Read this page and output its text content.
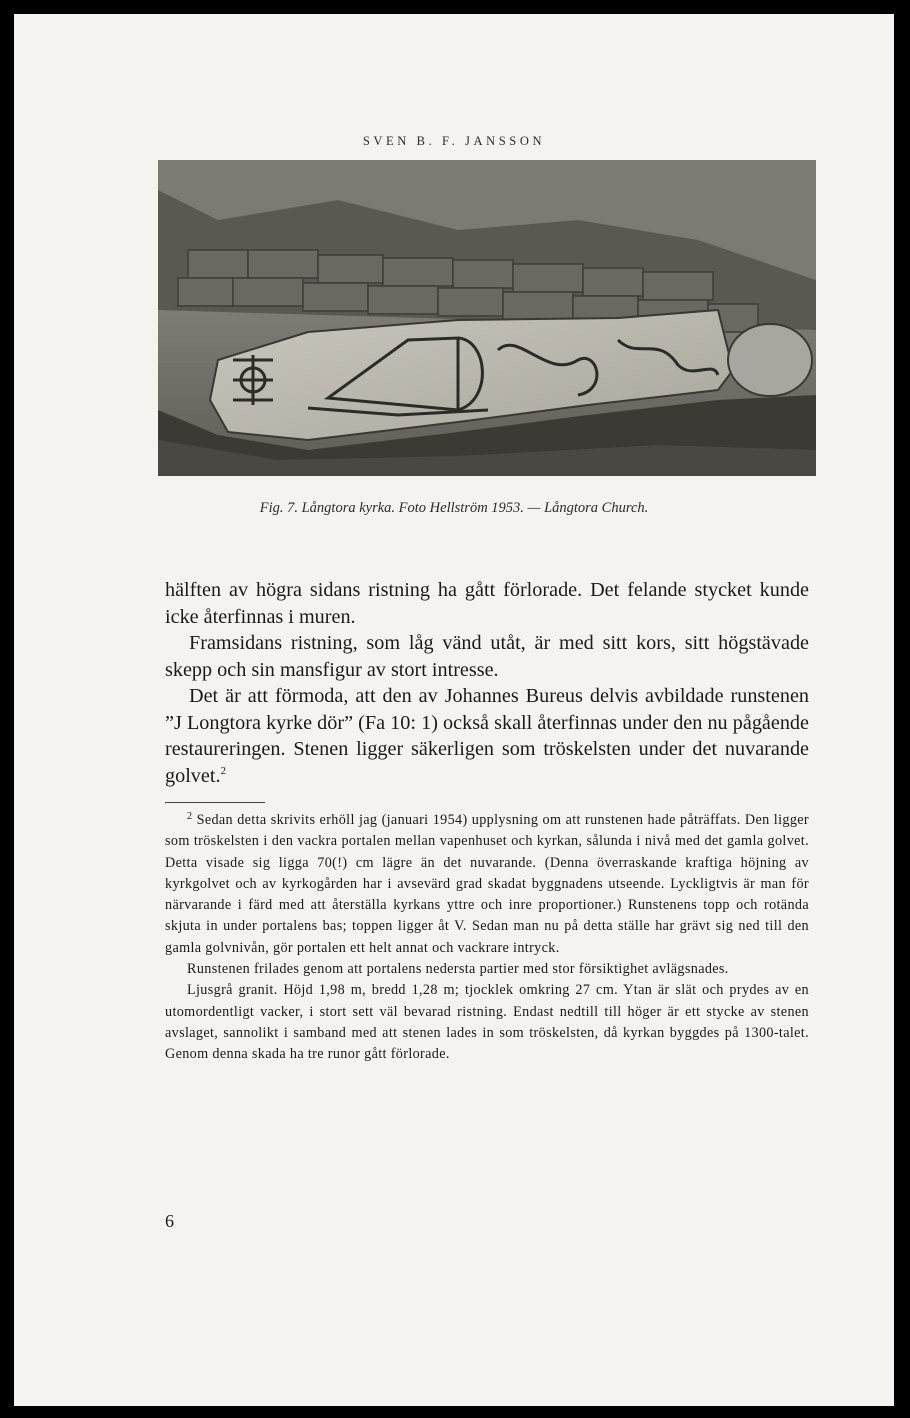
SVEN B. F. JANSSON
Fig. 7. Långtora kyrka. Foto Hellström 1953. — Långtora Church.

hälften av högra sidans ristning ha gått förlorade. Det felande stycket kunde icke återfinnas i muren.

Framsidans ristning, som låg vänd utåt, är med sitt kors, sitt högstävade skepp och sin mansfigur av stort intresse.

Det är att förmoda, att den av Johannes Bureus delvis avbildade runstenen ”J Longtora kyrke dör” (Fa 10: 1) också skall återfinnas under den nu pågående restaureringen. Stenen ligger säkerligen som tröskelsten under det nuvarande golvet.$^2$

$^2$ Sedan detta skrivits erhöll jag (januari 1954) upplysning om att runstenen hade påträffats. Den ligger som tröskelsten i den vackra portalen mellan vapenhuset och kyrkan, sålunda i nivå med det gamla golvet. Detta visade sig ligga 70(!) cm lägre än det nuvarande. (Denna överraskande kraftiga höjning av kyrkgolvet och av kyrkogården har i avsevärd grad skadat byggnadens utseende. Lyckligtvis är man för närvarande i färd med att återställa kyrkans yttre och inre proportioner.) Runstenens topp och rotända skjuta in under portalens bas; toppen ligger åt V. Sedan man nu på detta ställe har grävt sig ned till den gamla golvnivån, gör portalen ett helt annat och vackrare intryck.

Runstenen frilades genom att portalens nedersta partier med stor försiktighet avlägsnades.

Ljusgrå granit. Höjd 1,98 m, bredd 1,28 m; tjocklek omkring 27 cm. Ytan är slät och prydes av en utomordentligt vacker, i stort sett väl bevarad ristning. Endast nedtill till höger är ett stycke av stenen avslaget, sannolikt i samband med att stenen lades in som tröskelsten, då kyrkan byggdes på 1300-talet. Genom denna skada ha tre runor gått förlorade.

6
